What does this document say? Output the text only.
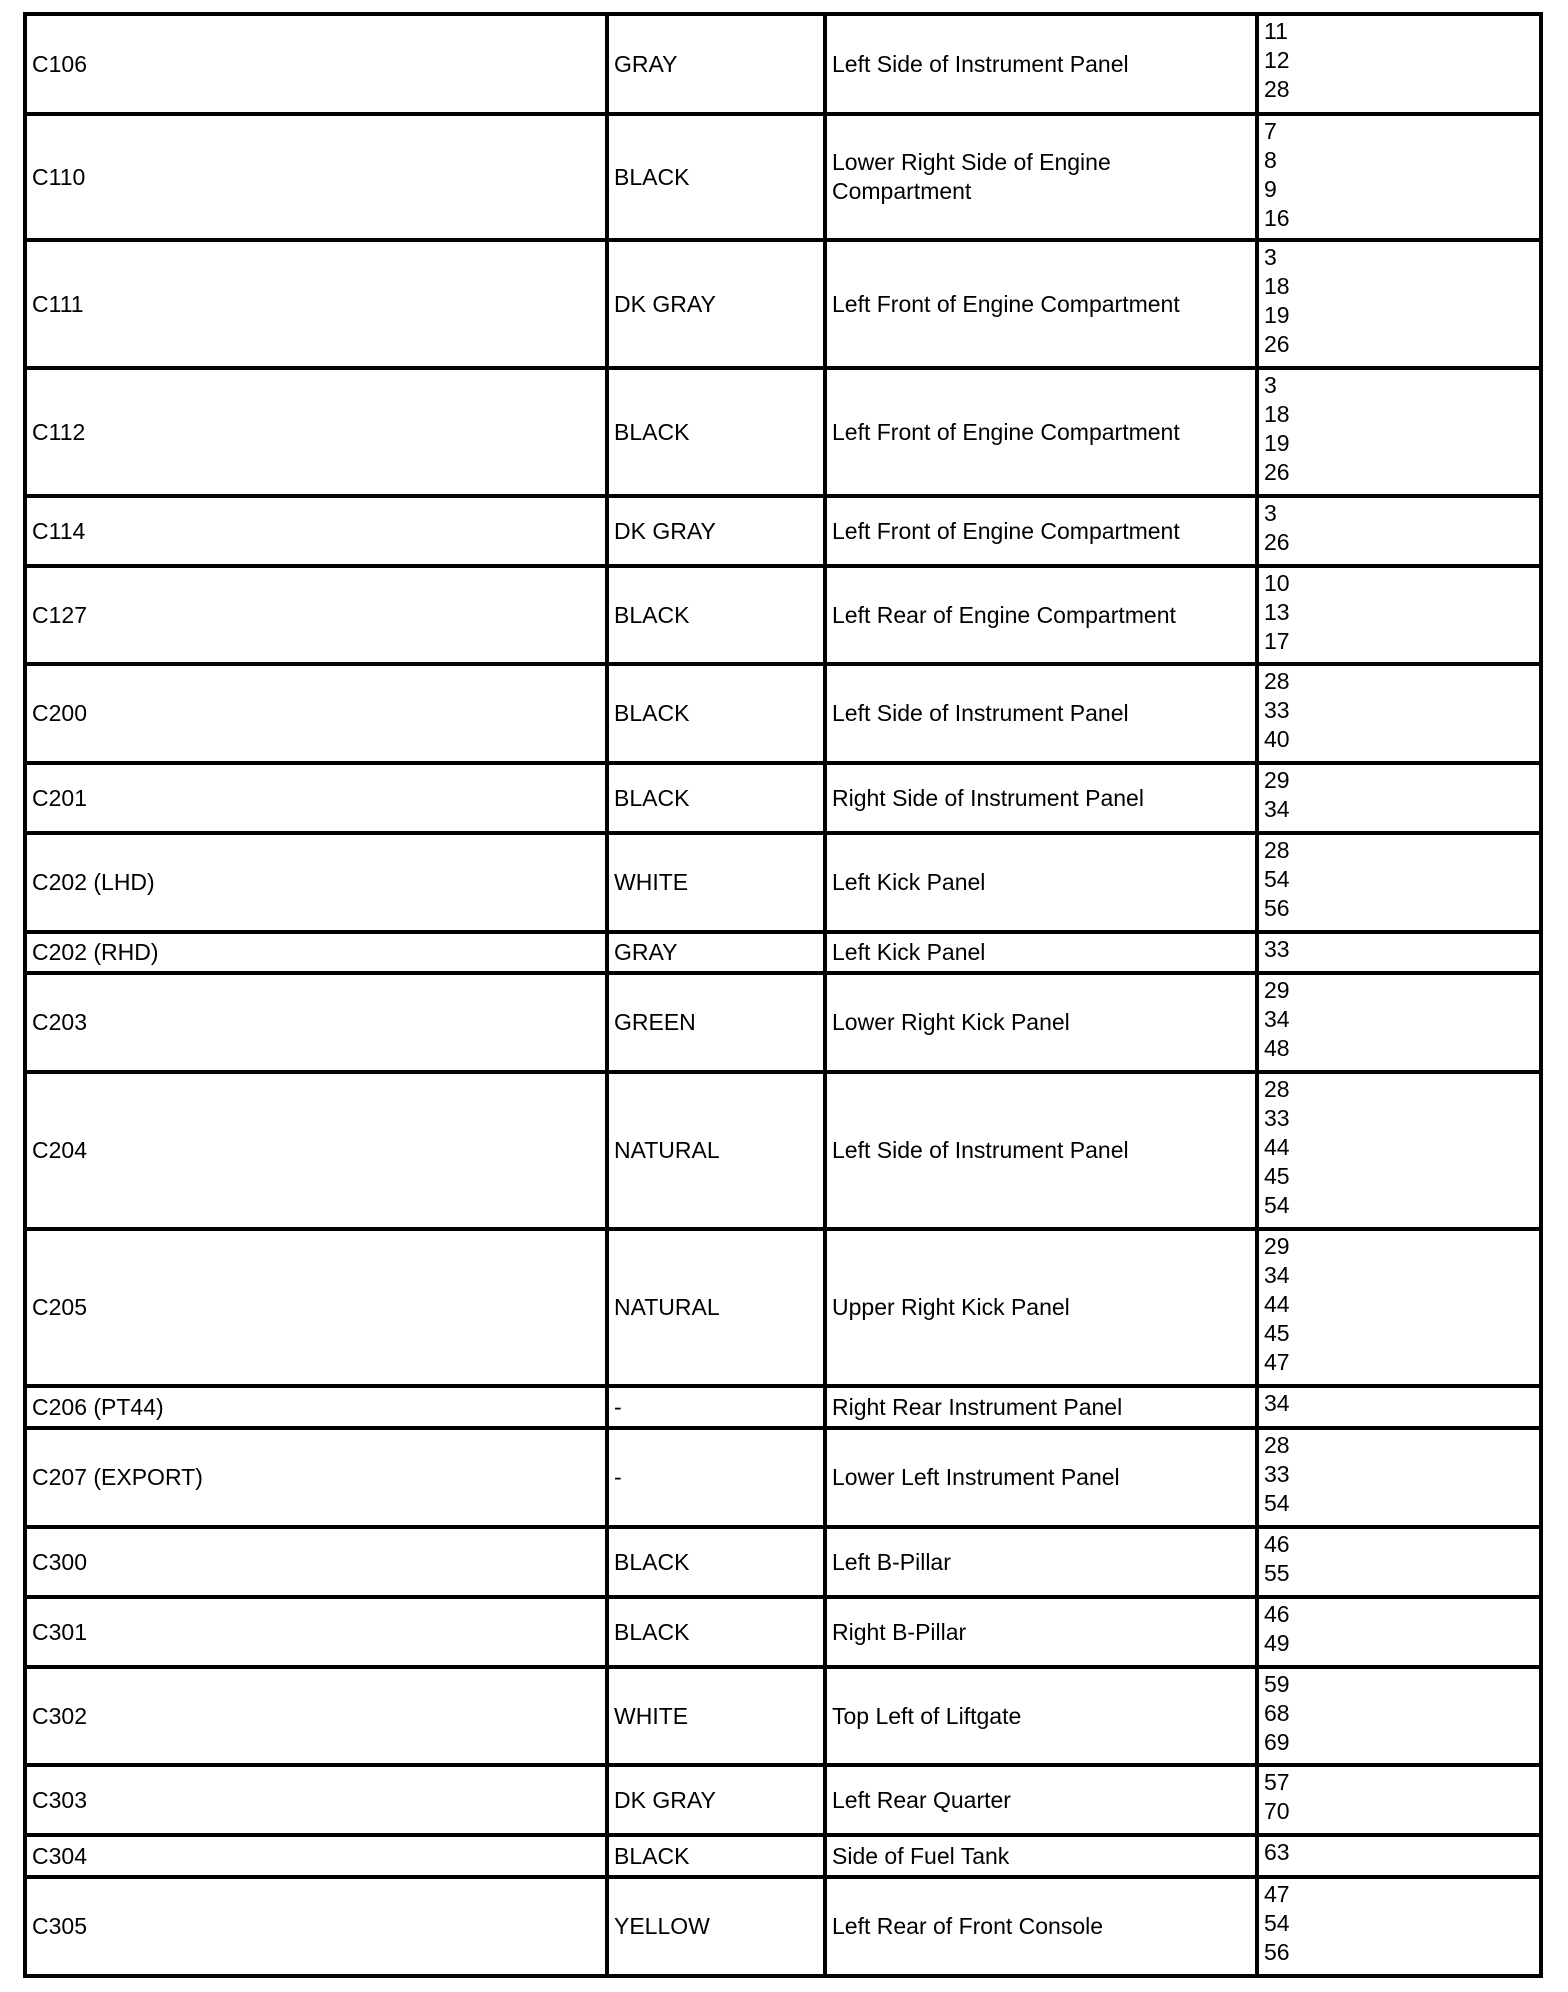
C106	GRAY	Left Side of Instrument Panel	11
12
28

C110	BLACK	Lower Right Side of Engine Compartment	7
8
9
16

C111	DK GRAY	Left Front of Engine Compartment	3
18
19
26

C112	BLACK	Left Front of Engine Compartment	3
18
19
26

C114	DK GRAY	Left Front of Engine Compartment	3
26

C127	BLACK	Left Rear of Engine Compartment	10
13
17

C200	BLACK	Left Side of Instrument Panel	28
33
40

C201	BLACK	Right Side of Instrument Panel	29
34

C202 (LHD)	WHITE	Left Kick Panel	28
54
56

C202 (RHD)	GRAY	Left Kick Panel	33

C203	GREEN	Lower Right Kick Panel	29
34
48

C204	NATURAL	Left Side of Instrument Panel	28
33
44
45
54

C205	NATURAL	Upper Right Kick Panel	29
34
44
45
47

C206 (PT44)	-	Right Rear Instrument Panel	34

C207 (EXPORT)	-	Lower Left Instrument Panel	28
33
54

C300	BLACK	Left B-Pillar	46
55

C301	BLACK	Right B-Pillar	46
49

C302	WHITE	Top Left of Liftgate	59
68
69

C303	DK GRAY	Left Rear Quarter	57
70

C304	BLACK	Side of Fuel Tank	63

C305	YELLOW	Left Rear of Front Console	47
54
56
